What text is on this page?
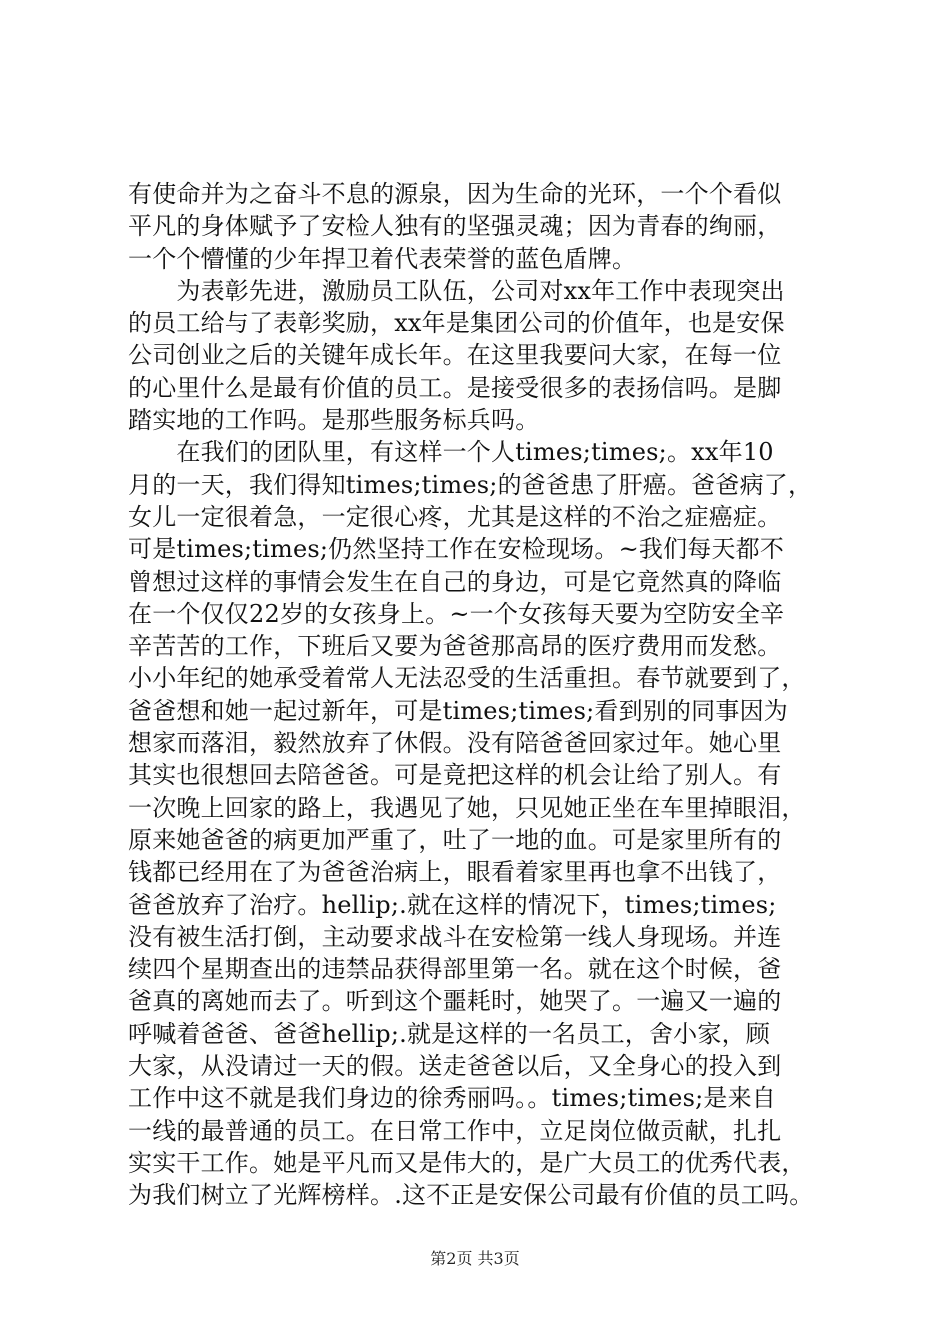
有使命并为之奋斗不息的源泉，因为生命的光环，一个个看似
平凡的身体赋予了安检人独有的坚强灵魂；因为青春的绚丽，
一个个懵懂的少年捍卫着代表荣誉的蓝色盾牌。
　　为表彰先进，激励员工队伍，公司对xx年工作中表现突出
的员工给与了表彰奖励，xx年是集团公司的价值年，也是安保
公司创业之后的关键年成长年。在这里我要问大家，在每一位
的心里什么是最有价值的员工。是接受很多的表扬信吗。是脚
踏实地的工作吗。是那些服务标兵吗。
　　在我们的团队里，有这样一个人times;times;。xx年10
月的一天，我们得知times;times;的爸爸患了肝癌。爸爸病了，
女儿一定很着急，一定很心疼，尤其是这样的不治之症癌症。
可是times;times;仍然坚持工作在安检现场。~我们每天都不
曾想过这样的事情会发生在自己的身边，可是它竟然真的降临
在一个仅仅22岁的女孩身上。~一个女孩每天要为空防安全辛
辛苦苦的工作，下班后又要为爸爸那高昂的医疗费用而发愁。
小小年纪的她承受着常人无法忍受的生活重担。春节就要到了，
爸爸想和她一起过新年，可是times;times;看到别的同事因为
想家而落泪，毅然放弃了休假。没有陪爸爸回家过年。她心里
其实也很想回去陪爸爸。可是竟把这样的机会让给了别人。有
一次晚上回家的路上，我遇见了她，只见她正坐在车里掉眼泪，
原来她爸爸的病更加严重了，吐了一地的血。可是家里所有的
钱都已经用在了为爸爸治病上，眼看着家里再也拿不出钱了，
爸爸放弃了治疗。hellip;.就在这样的情况下，times;times;
没有被生活打倒，主动要求战斗在安检第一线人身现场。并连
续四个星期查出的违禁品获得部里第一名。就在这个时候，爸
爸真的离她而去了。听到这个噩耗时，她哭了。一遍又一遍的
呼喊着爸爸、爸爸hellip;.就是这样的一名员工，舍小家，顾
大家，从没请过一天的假。送走爸爸以后，又全身心的投入到
工作中这不就是我们身边的徐秀丽吗。。times;times;是来自
一线的最普通的员工。在日常工作中，立足岗位做贡献，扎扎
实实干工作。她是平凡而又是伟大的，是广大员工的优秀代表，
为我们树立了光辉榜样。.这不正是安保公司最有价值的员工吗。
第2页 共3页
